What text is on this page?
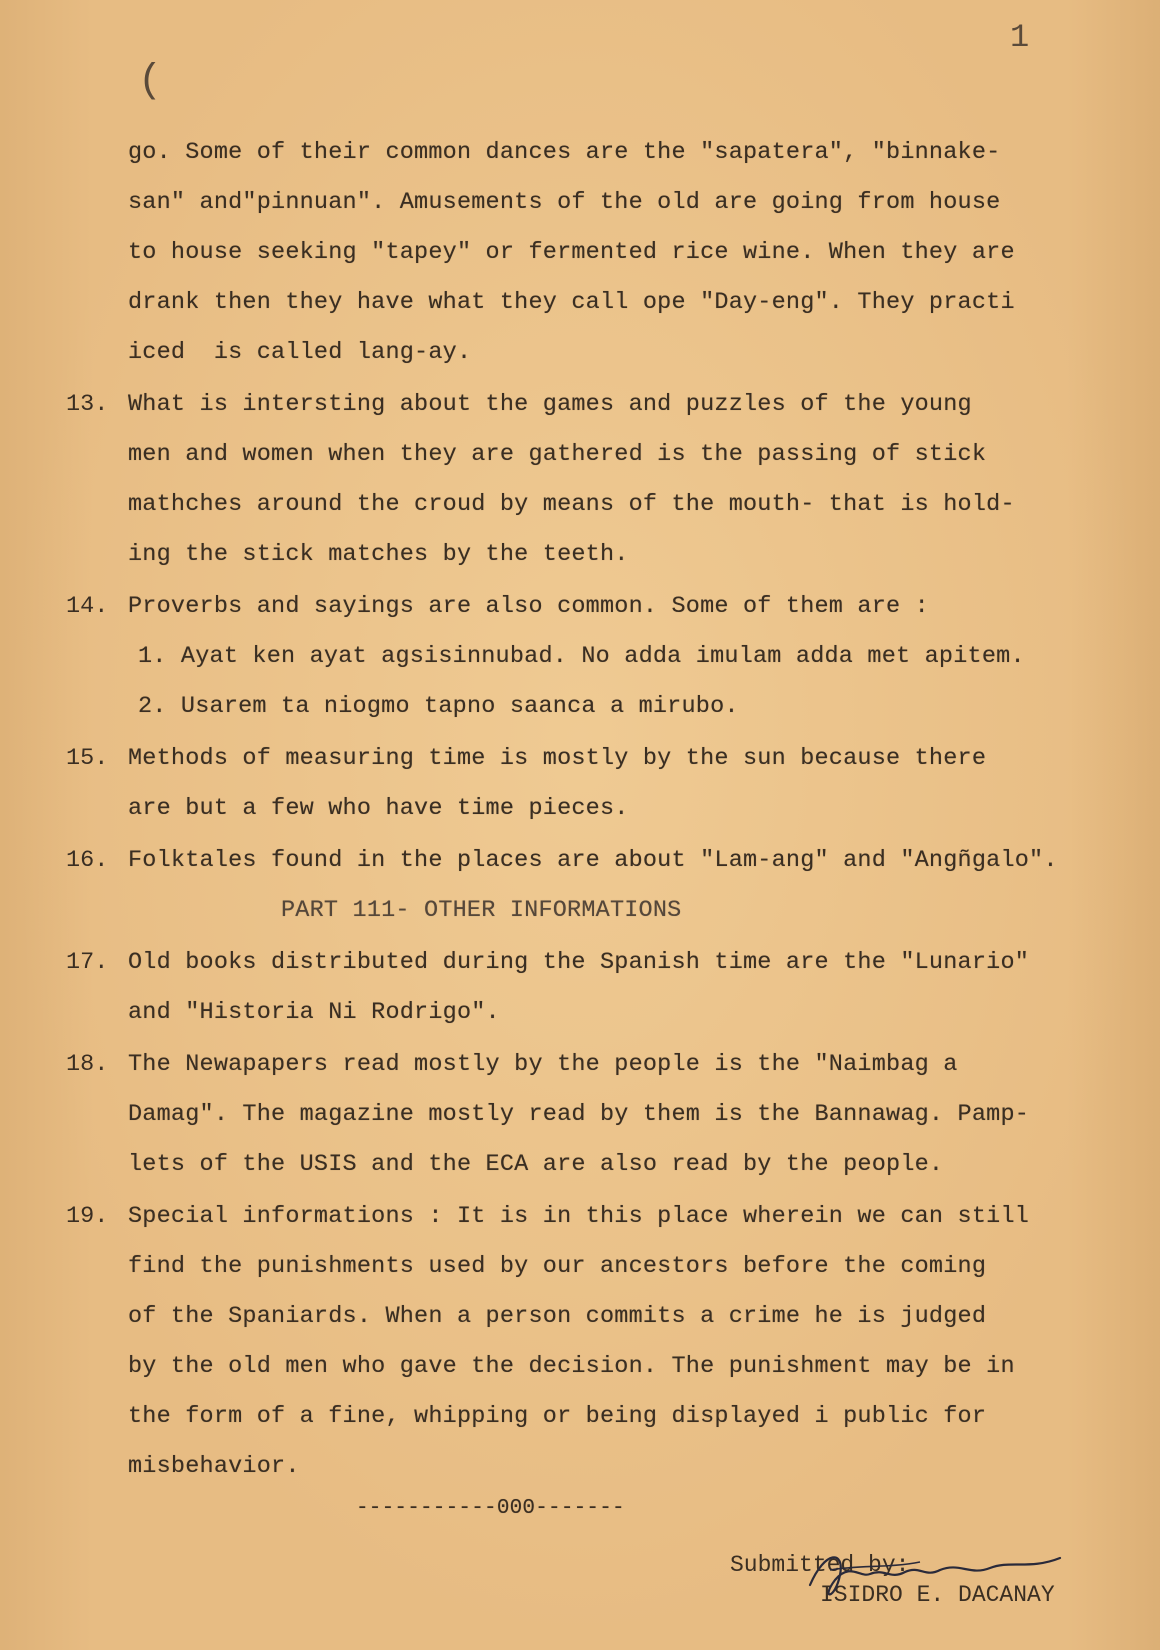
1
(
go. Some of their common dances are the "sapatera", "binnake-
san" and"pinnuan". Amusements of the old are going from house
to house seeking "tapey" or fermented rice wine. When they are
drank then they have what they call ope "Day-eng". They practi
iced  is called lang-ay.
13. What is intersting about the games and puzzles of the young
men and women when they are gathered is the passing of stick
mathches around the croud by means of the mouth- that is hold-
ing the stick matches by the teeth.
14. Proverbs and sayings are also common. Some of them are :
1. Ayat ken ayat agsisinnubad. No adda imulam adda met apitem.
2. Usarem ta niogmo tapno saanca a mirubo.
15. Methods of measuring time is mostly by the sun because there
are but a few who have time pieces.
16. Folktales found in the places are about "Lam-ang" and "Angñgalo".
PART 111- OTHER INFORMATIONS
17. Old books distributed during the Spanish time are the "Lunario"
and "Historia Ni Rodrigo".
18. The Newapapers read mostly by the people is the "Naimbag a
Damag". The magazine mostly read by them is the Bannawag. Pamp-
lets of the USIS and the ECA are also read by the people.
19. Special informations : It is in this place wherein we can still
find the punishments used by our ancestors before the coming
of the Spaniards. When a person commits a crime he is judged
by the old men who gave the decision. The punishment may be in
the form of a fine, whipping or being displayed i public for
misbehavior.
-----------000-------
Submitted by:
ISIDRO E. DACANAY
